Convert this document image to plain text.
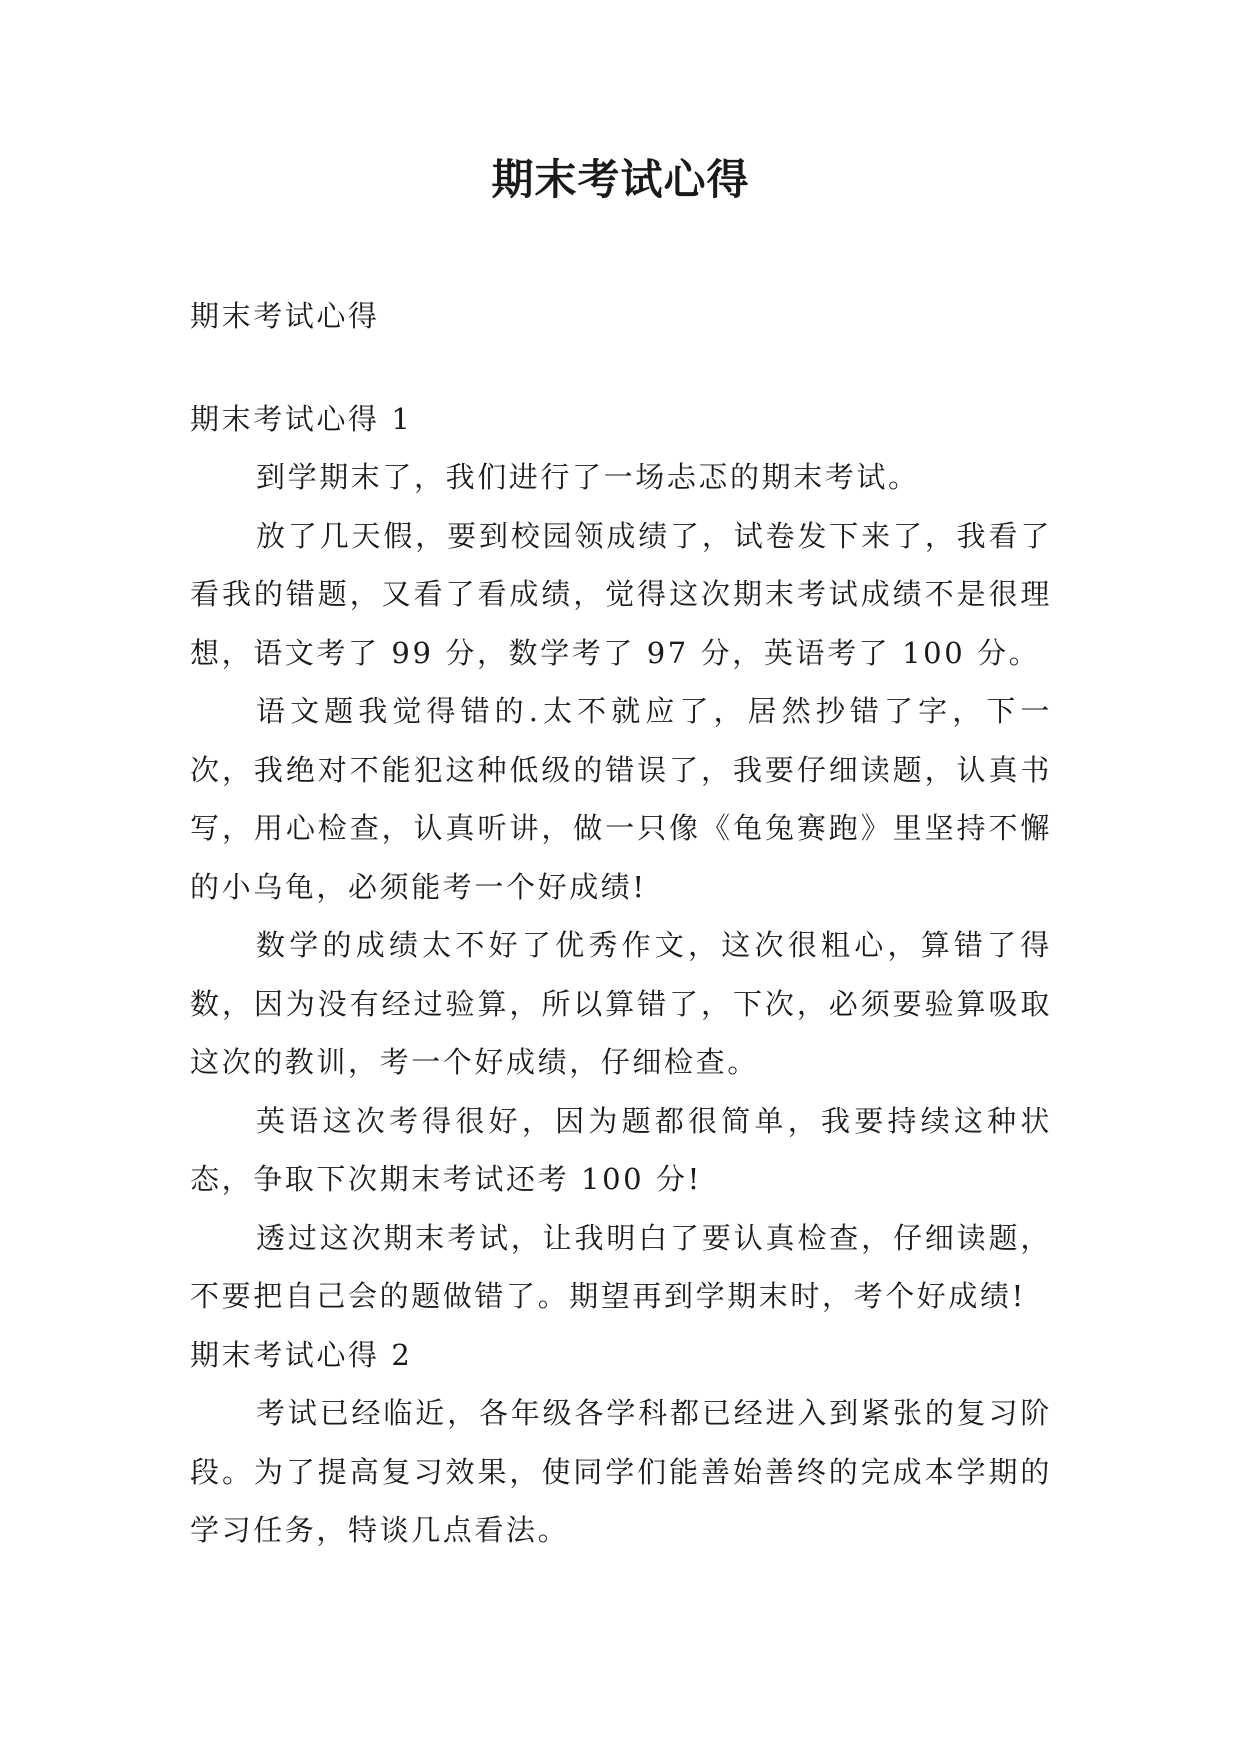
期末考试心得

期末考试心得

期末考试心得 1

到学期末了，我们进行了一场忐忑的期末考试。

放了几天假，要到校园领成绩了，试卷发下来了，我看了看我的错题，又看了看成绩，觉得这次期末考试成绩不是很理想，语文考了 99 分，数学考了 97 分，英语考了 100 分。

语文题我觉得错的.太不就应了，居然抄错了字，下一次，我绝对不能犯这种低级的错误了，我要仔细读题，认真书写，用心检查，认真听讲，做一只像《龟兔赛跑》里坚持不懈的小乌龟，必须能考一个好成绩!

数学的成绩太不好了优秀作文，这次很粗心，算错了得数，因为没有经过验算，所以算错了，下次，必须要验算吸取这次的教训，考一个好成绩，仔细检查。

英语这次考得很好，因为题都很简单，我要持续这种状态，争取下次期末考试还考 100 分!

透过这次期末考试，让我明白了要认真检查，仔细读题，不要把自己会的题做错了。期望再到学期末时，考个好成绩!

期末考试心得 2

考试已经临近，各年级各学科都已经进入到紧张的复习阶段。为了提高复习效果，使同学们能善始善终的完成本学期的学习任务，特谈几点看法。
